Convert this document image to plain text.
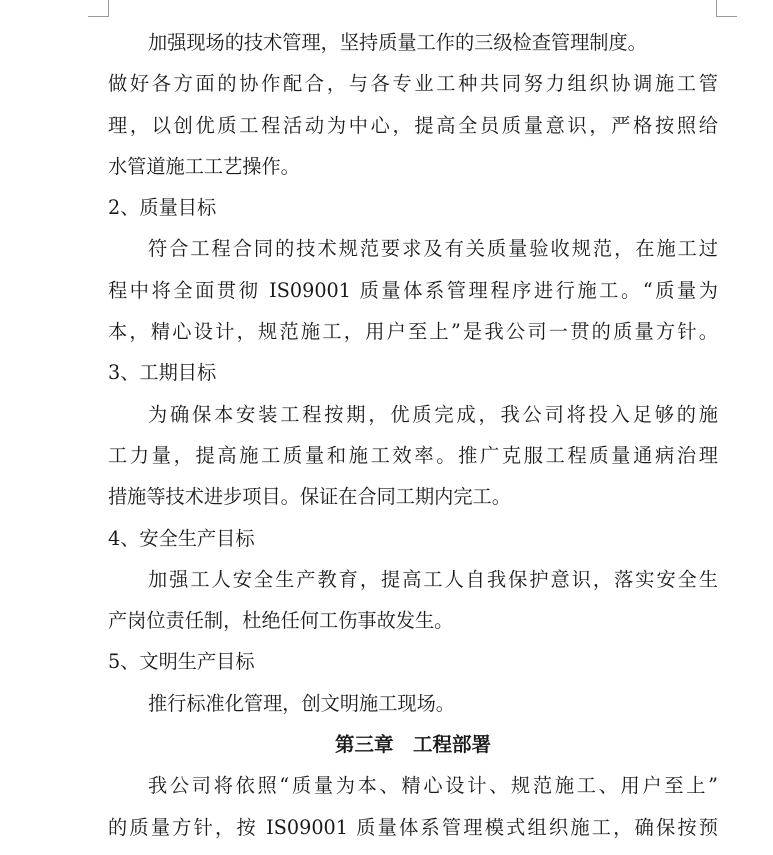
加强现场的技术管理，坚持质量工作的三级检查管理制度。
做好各方面的协作配合，与各专业工种共同努力组织协调施工管
理，以创优质工程活动为中心，提高全员质量意识，严格按照给
水管道施工工艺操作。
2、质量目标
符合工程合同的技术规范要求及有关质量验收规范，在施工过
程中将全面贯彻 IS09001 质量体系管理程序进行施工。“质量为
本，精心设计，规范施工，用户至上”是我公司一贯的质量方针。
3、工期目标
为确保本安装工程按期，优质完成，我公司将投入足够的施
工力量，提高施工质量和施工效率。推广克服工程质量通病治理
措施等技术进步项目。保证在合同工期内完工。
4、安全生产目标
加强工人安全生产教育，提高工人自我保护意识，落实安全生
产岗位责任制，杜绝任何工伤事故发生。
5、文明生产目标
推行标准化管理，创文明施工现场。
第三章　工程部署
我公司将依照“质量为本、精心设计、规范施工、用户至上”
的质量方针，按 IS09001 质量体系管理模式组织施工，确保按预
